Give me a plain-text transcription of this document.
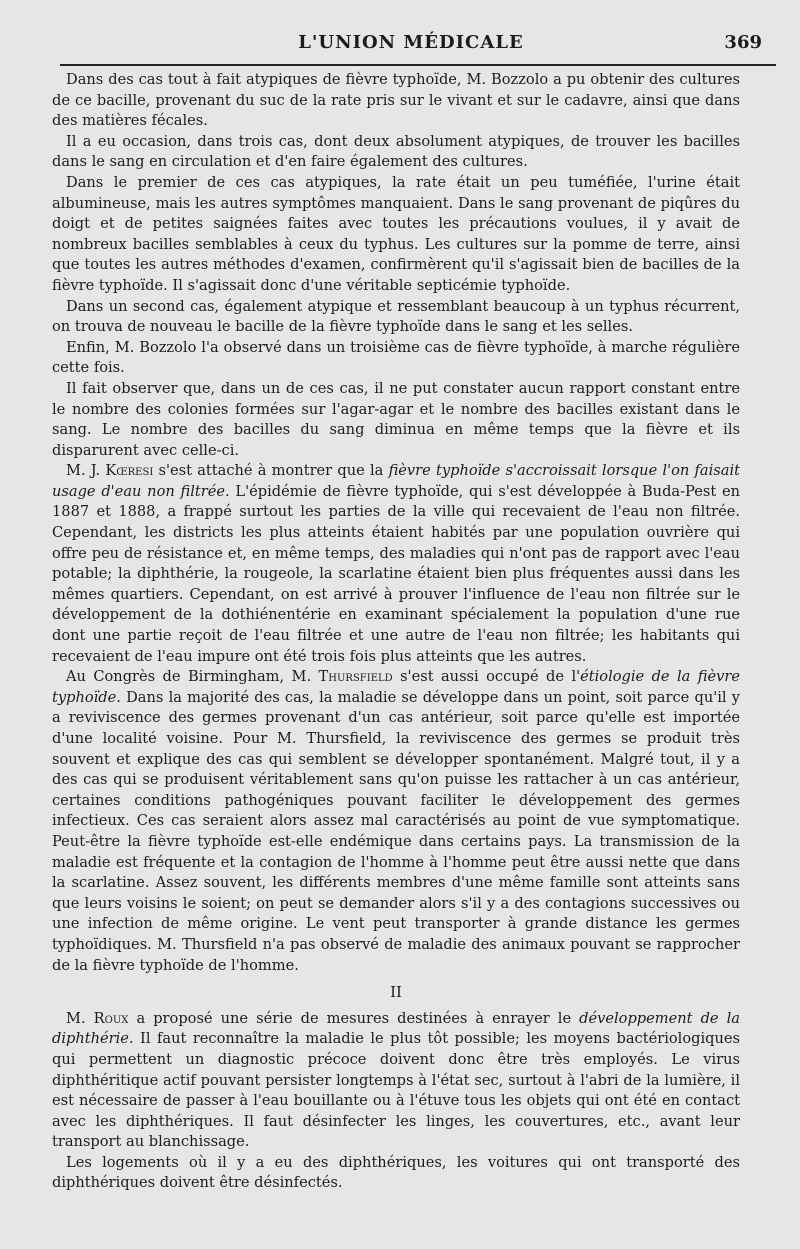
L'UNION MÉDICALE	369

Dans des cas tout à fait atypiques de fièvre typhoïde, M. Bozzolo a pu obtenir des cultures de ce bacille, provenant du suc de la rate pris sur le vivant et sur le cadavre, ainsi que dans des matières fécales.

Il a eu occasion, dans trois cas, dont deux absolument atypiques, de trouver les bacilles dans le sang en circulation et d'en faire également des cultures.

Dans le premier de ces cas atypiques, la rate était un peu tuméfiée, l'urine était albumineuse, mais les autres symptômes manquaient. Dans le sang provenant de piqûres du doigt et de petites saignées faites avec toutes les précautions voulues, il y avait de nombreux bacilles semblables à ceux du typhus. Les cultures sur la pomme de terre, ainsi que toutes les autres méthodes d'examen, confirmèrent qu'il s'agissait bien de bacilles de la fièvre typhoïde. Il s'agissait donc d'une véritable septicémie typhoïde.

Dans un second cas, également atypique et ressemblant beaucoup à un typhus récurrent, on trouva de nouveau le bacille de la fièvre typhoïde dans le sang et les selles.

Enfin, M. Bozzolo l'a observé dans un troisième cas de fièvre typhoïde, à marche régulière cette fois.

Il fait observer que, dans un de ces cas, il ne put constater aucun rapport constant entre le nombre des colonies formées sur l'agar-agar et le nombre des bacilles existant dans le sang. Le nombre des bacilles du sang diminua en même temps que la fièvre et ils disparurent avec celle-ci.

M. J. Kœresi s'est attaché à montrer que la fièvre typhoïde s'accroissait lorsque l'on faisait usage d'eau non filtrée. L'épidémie de fièvre typhoïde, qui s'est développée à Buda-Pest en 1887 et 1888, a frappé surtout les parties de la ville qui recevaient de l'eau non filtrée. Cependant, les districts les plus atteints étaient habités par une population ouvrière qui offre peu de résistance et, en même temps, des maladies qui n'ont pas de rapport avec l'eau potable; la diphthérie, la rougeole, la scarlatine étaient bien plus fréquentes aussi dans les mêmes quartiers. Cependant, on est arrivé à prouver l'influence de l'eau non filtrée sur le développement de la dothiénentérie en examinant spécialement la population d'une rue dont une partie reçoit de l'eau filtrée et une autre de l'eau non filtrée; les habitants qui recevaient de l'eau impure ont été trois fois plus atteints que les autres.

Au Congrès de Birmingham, M. Thursfield s'est aussi occupé de l'étiologie de la fièvre typhoïde. Dans la majorité des cas, la maladie se développe dans un point, soit parce qu'il y a reviviscence des germes provenant d'un cas antérieur, soit parce qu'elle est importée d'une localité voisine. Pour M. Thursfield, la reviviscence des germes se produit très souvent et explique des cas qui semblent se développer spontanément. Malgré tout, il y a des cas qui se produisent véritablement sans qu'on puisse les rattacher à un cas antérieur, certaines conditions pathogéniques pouvant faciliter le développement des germes infectieux. Ces cas seraient alors assez mal caractérisés au point de vue symptomatique. Peut-être la fièvre typhoïde est-elle endémique dans certains pays. La transmission de la maladie est fréquente et la contagion de l'homme à l'homme peut être aussi nette que dans la scarlatine. Assez souvent, les différents membres d'une même famille sont atteints sans que leurs voisins le soient; on peut se demander alors s'il y a des contagions successives ou une infection de même origine. Le vent peut transporter à grande distance les germes typhoïdiques. M. Thursfield n'a pas observé de maladie des animaux pouvant se rapprocher de la fièvre typhoïde de l'homme.

II

M. Roux a proposé une série de mesures destinées à enrayer le développement de la diphthérie. Il faut reconnaître la maladie le plus tôt possible; les moyens bactériologiques qui permettent un diagnostic précoce doivent donc être très employés. Le virus diphthéritique actif pouvant persister longtemps à l'état sec, surtout à l'abri de la lumière, il est nécessaire de passer à l'eau bouillante ou à l'étuve tous les objets qui ont été en contact avec les diphthériques. Il faut désinfecter les linges, les couvertures, etc., avant leur transport au blanchissage.

Les logements où il y a eu des diphthériques, les voitures qui ont transporté des diphthériques doivent être désinfectés.
